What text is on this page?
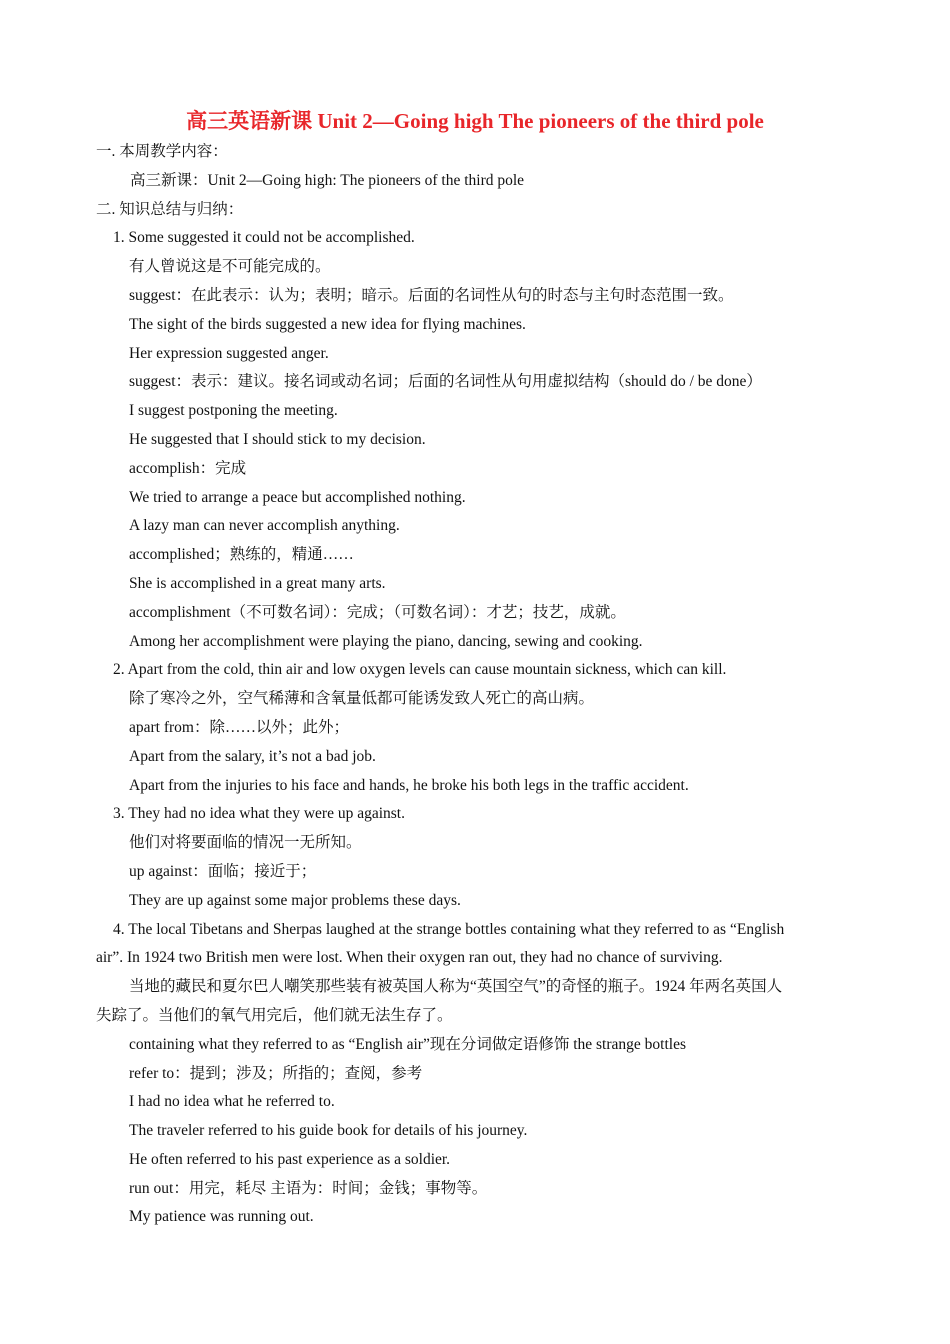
高三英语新课 Unit 2—Going high The pioneers of the third pole
一. 本周教学内容：
高三新课：Unit 2—Going high: The pioneers of the third pole
二. 知识总结与归纳：
1. Some suggested it could not be accomplished.
有人曾说这是不可能完成的。
suggest：在此表示：认为；表明；暗示。后面的名词性从句的时态与主句时态范围一致。
The sight of the birds suggested a new idea for flying machines.
Her expression suggested anger.
suggest：表示：建议。接名词或动名词；后面的名词性从句用虚拟结构（should do / be done）
I suggest postponing the meeting.
He suggested that I should stick to my decision.
accomplish：完成
We tried to arrange a peace but accomplished nothing.
A lazy man can never accomplish anything.
accomplished；熟练的，精通……
She is accomplished in a great many arts.
accomplishment（不可数名词）：完成；（可数名词）：才艺；技艺，成就。
Among her accomplishment were playing the piano, dancing, sewing and cooking.
2. Apart from the cold, thin air and low oxygen levels can cause mountain sickness, which can kill.
除了寒冷之外，空气稀薄和含氧量低都可能诱发致人死亡的高山病。
apart from：除……以外；此外；
Apart from the salary, it’s not a bad job.
Apart from the injuries to his face and hands, he broke his both legs in the traffic accident.
3. They had no idea what they were up against.
他们对将要面临的情况一无所知。
up against：面临；接近于；
They are up against some major problems these days.
4. The local Tibetans and Sherpas laughed at the strange bottles containing what they referred to as “English
air”. In 1924 two British men were lost. When their oxygen ran out, they had no chance of surviving.
当地的藏民和夏尔巴人嘲笑那些装有被英国人称为“英国空气”的奇怪的瓶子。1924 年两名英国人
失踪了。当他们的氧气用完后，他们就无法生存了。
containing what they referred to as “English air”现在分词做定语修饰 the strange bottles
refer to：提到；涉及；所指的；查阅，参考
I had no idea what he referred to.
The traveler referred to his guide book for details of his journey.
He often referred to his past experience as a soldier.
run out：用完，耗尽 主语为：时间；金钱；事物等。
My patience was running out.
